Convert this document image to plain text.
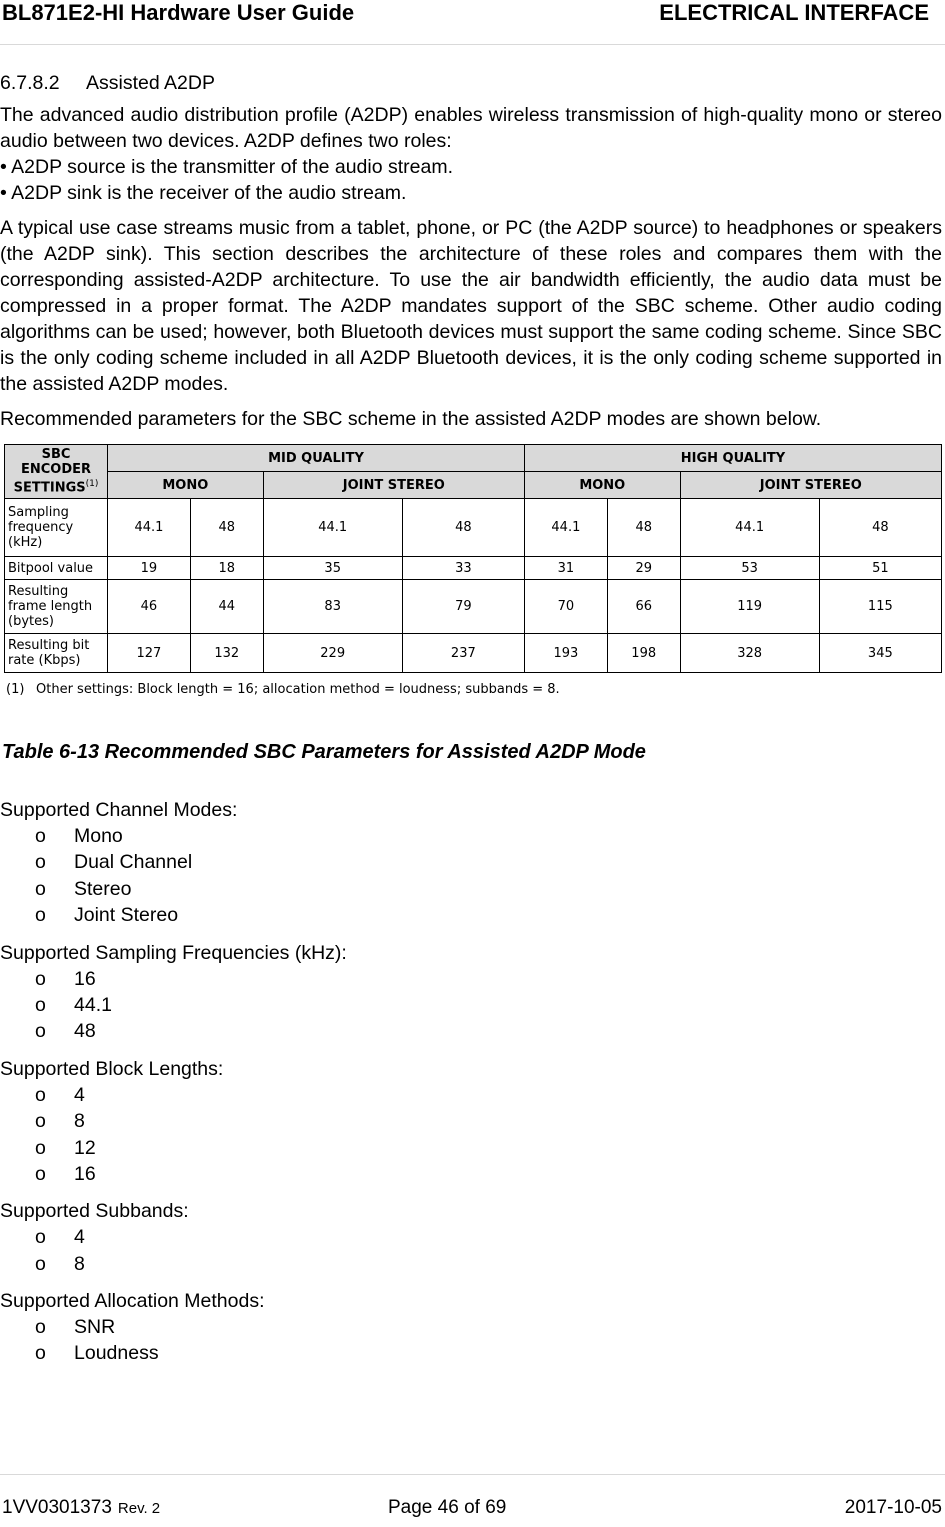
BL871E2-HI Hardware User Guide	ELECTRICAL INTERFACE
6.7.8.2 Assisted A2DP

The advanced audio distribution profile (A2DP) enables wireless transmission of high-quality mono or stereo audio between two devices. A2DP defines two roles:
• A2DP source is the transmitter of the audio stream.
• A2DP sink is the receiver of the audio stream.

A typical use case streams music from a tablet, phone, or PC (the A2DP source) to headphones or speakers (the A2DP sink). This section describes the architecture of these roles and compares them with the corresponding assisted-A2DP architecture. To use the air bandwidth efficiently, the audio data must be compressed in a proper format. The A2DP mandates support of the SBC scheme. Other audio coding algorithms can be used; however, both Bluetooth devices must support the same coding scheme. Since SBC is the only coding scheme included in all A2DP Bluetooth devices, it is the only coding scheme supported in the assisted A2DP modes.

Recommended parameters for the SBC scheme in the assisted A2DP modes are shown below.

SBC ENCODER SETTINGS$^{(1)}$	MID QUALITY				HIGH QUALITY			
	MONO		JOINT STEREO		MONO		JOINT STEREO	
Sampling frequency (kHz)	44.1	48	44.1	48	44.1	48	44.1	48
Bitpool value	19	18	35	33	31	29	53	51
Resulting frame length (bytes)	46	44	83	79	70	66	119	115
Resulting bit rate (Kbps)	127	132	229	237	193	198	328	345
(1) Other settings: Block length = 16; allocation method = loudness; subbands = 8.
Table 6-13 Recommended SBC Parameters for Assisted A2DP Mode
Supported Channel Modes:
o Mono
o Dual Channel
o Stereo
o Joint Stereo
Supported Sampling Frequencies (kHz):
o 16
o 44.1
o 48
Supported Block Lengths:
o 4
o 8
o 12
o 16
Supported Subbands:
o 4
o 8
Supported Allocation Methods:
o SNR
o Loudness
1VV0301373 Rev. 2	Page 46 of 69	2017-10-05
